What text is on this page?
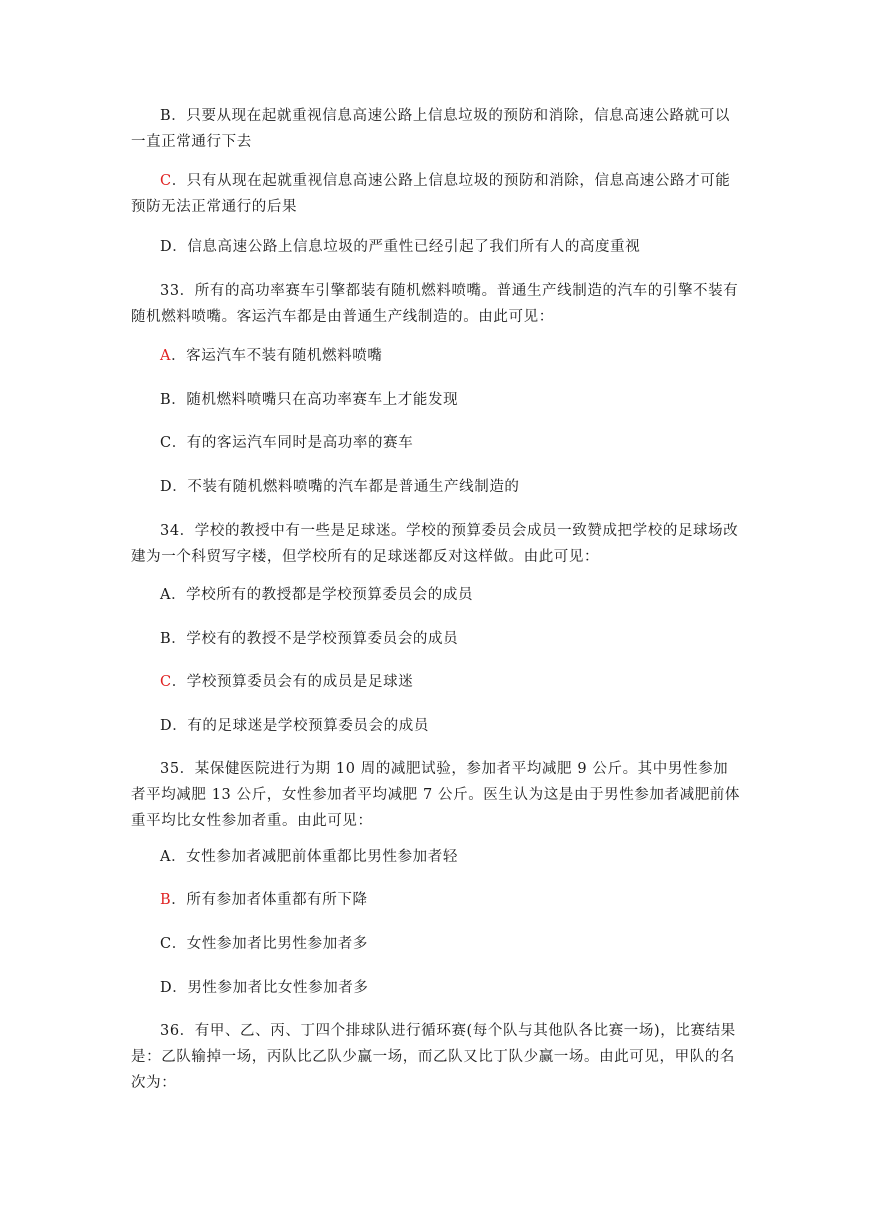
B．只要从现在起就重视信息高速公路上信息垃圾的预防和消除，信息高速公路就可以一直正常通行下去

C．只有从现在起就重视信息高速公路上信息垃圾的预防和消除，信息高速公路才可能预防无法正常通行的后果

D．信息高速公路上信息垃圾的严重性已经引起了我们所有人的高度重视

33．所有的高功率赛车引擎都装有随机燃料喷嘴。普通生产线制造的汽车的引擎不装有随机燃料喷嘴。客运汽车都是由普通生产线制造的。由此可见：

A．客运汽车不装有随机燃料喷嘴

B．随机燃料喷嘴只在高功率赛车上才能发现

C．有的客运汽车同时是高功率的赛车

D．不装有随机燃料喷嘴的汽车都是普通生产线制造的

34．学校的教授中有一些是足球迷。学校的预算委员会成员一致赞成把学校的足球场改建为一个科贸写字楼，但学校所有的足球迷都反对这样做。由此可见：

A．学校所有的教授都是学校预算委员会的成员

B．学校有的教授不是学校预算委员会的成员

C．学校预算委员会有的成员是足球迷

D．有的足球迷是学校预算委员会的成员

35．某保健医院进行为期 10 周的减肥试验，参加者平均减肥 9 公斤。其中男性参加者平均减肥 13 公斤，女性参加者平均减肥 7 公斤。医生认为这是由于男性参加者减肥前体重平均比女性参加者重。由此可见：

A．女性参加者减肥前体重都比男性参加者轻

B．所有参加者体重都有所下降

C．女性参加者比男性参加者多

D．男性参加者比女性参加者多

36．有甲、乙、丙、丁四个排球队进行循环赛(每个队与其他队各比赛一场)，比赛结果是：乙队输掉一场，丙队比乙队少赢一场，而乙队又比丁队少赢一场。由此可见，甲队的名次为：
